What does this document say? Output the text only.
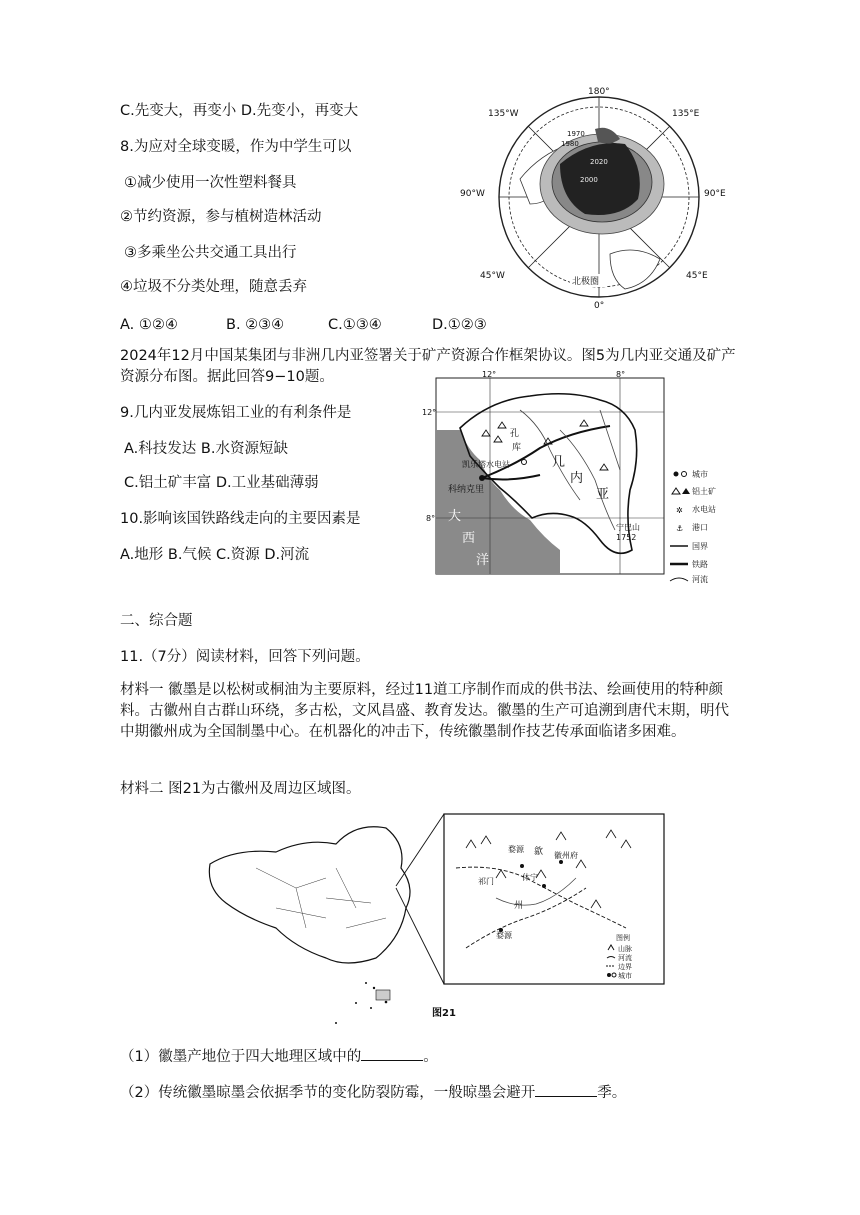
C.先变大，再变小 D.先变小，再变大
8.为应对全球变暖，作为中学生可以
①减少使用一次性塑料餐具
②节约资源，参与植树造林活动
③多乘坐公共交通工具出行
④垃圾不分类处理，随意丢弃
A. ①②④	B. ②③④	C.①③④	D.①②③
2020
2000
1970
1980
北极圈
180°
135°W	135°E
90°W	90°E
45°W	45°E
0°
2024年12月中国某集团与非洲几内亚签署关于矿产资源合作框架协议。图5为几内亚交通及矿产资源分布图。据此回答9−10题。
凯乐塔水电站
科纳克里
孔
库
几
内
亚
大
西
洋
宁巴山
1752
12°	8°
12°
8°
城市
铝土矿
✲ 水电站
⚓ 港口
国界
铁路
河流
9.几内亚发展炼铝工业的有利条件是
A.科技发达 B.水资源短缺
C.铝土矿丰富 D.工业基础薄弱
10.影响该国铁路线走向的主要因素是
A.地形 B.气候 C.资源 D.河流
二、综合题
11.（7分）阅读材料，回答下列问题。
材料一 徽墨是以松树或桐油为主要原料，经过11道工序制作而成的供书法、绘画使用的特种颜料。古徽州自古群山环绕，多古松，文风昌盛、教育发达。徽墨的生产可追溯到唐代末期，明代中期徽州成为全国制墨中心。在机器化的冲击下，传统徽墨制作技艺传承面临诸多困难。
材料二 图21为古徽州及周边区域图。
婺源
祁门	休宁
徽州府
歙
州
婺源
图例
山脉
河流
边界
城市
图21
（1）徽墨产地位于四大地理区域中的	。
（2）传统徽墨晾墨会依据季节的变化防裂防霉，一般晾墨会避开	季。
